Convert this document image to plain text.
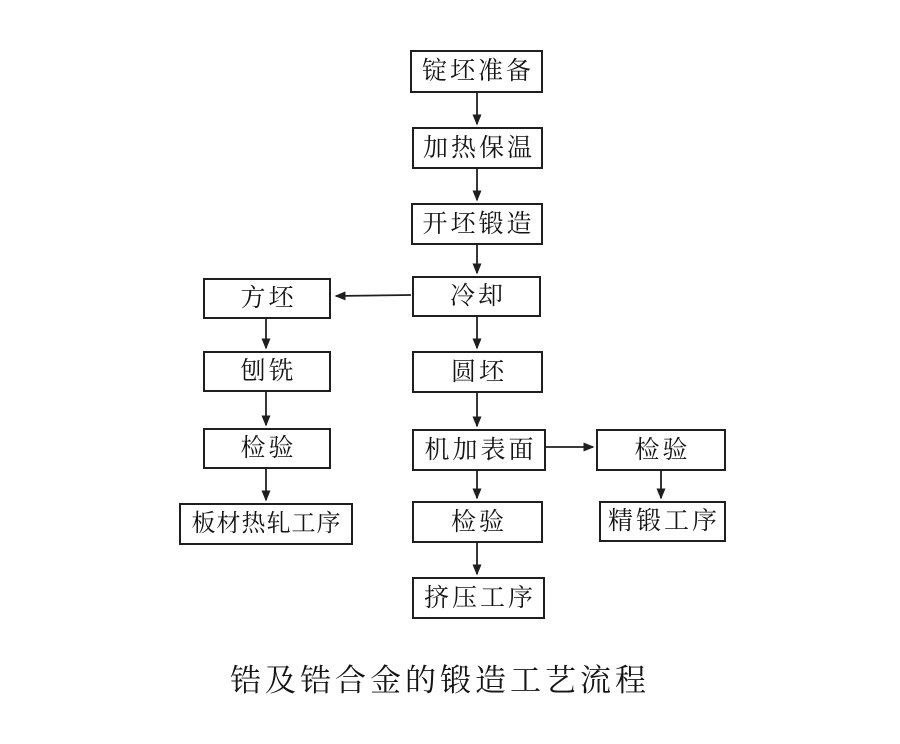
锭坯准备
加热保温
开坯锻造
冷却
方坯
圆坯
刨铣
机加表面	检验
检验
板材热轧工序	检验	精锻工序
挤压工序
锆及锆合金的锻造工艺流程
